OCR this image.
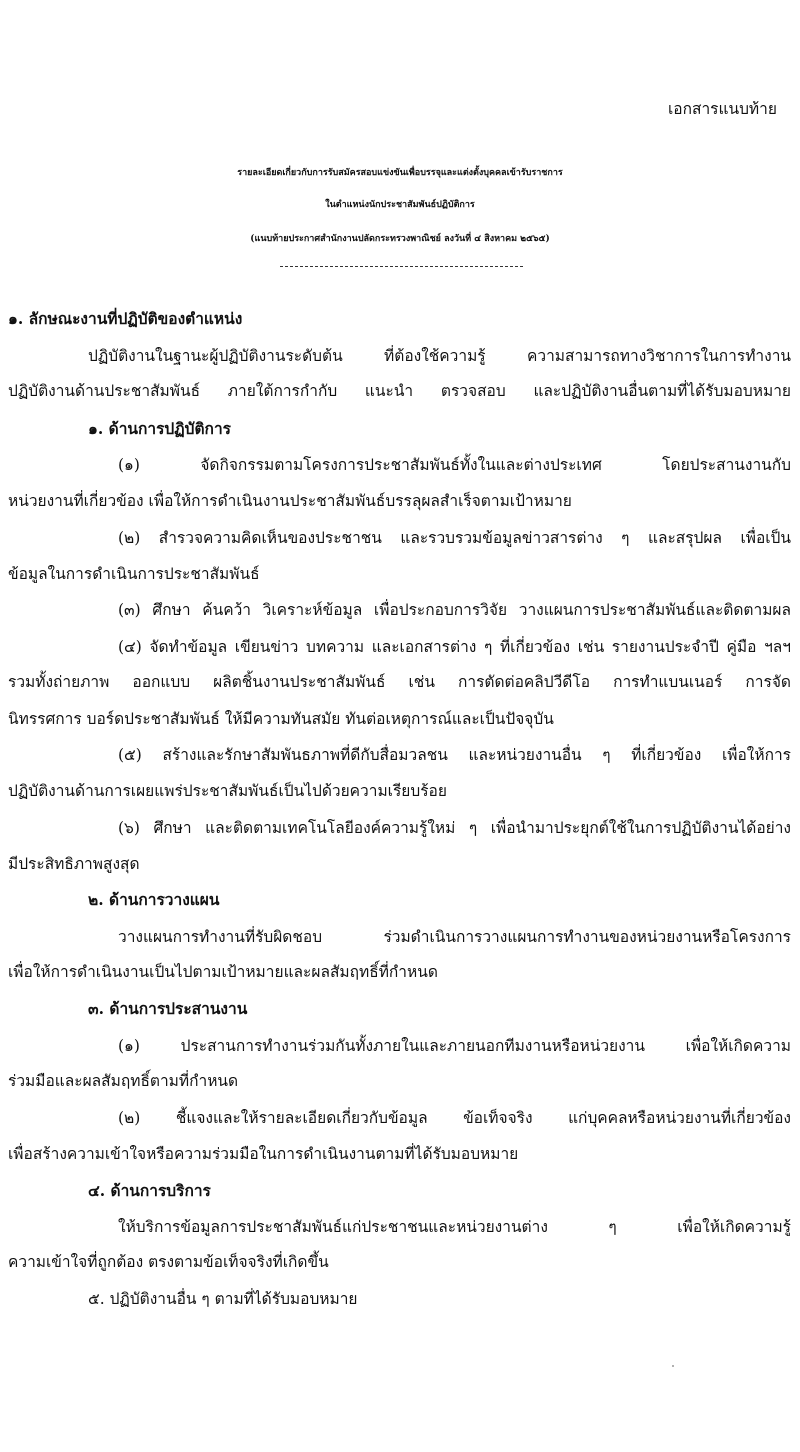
เอกสารแนบท้าย
รายละเอียดเกี่ยวกับการรับสมัครสอบแข่งขันเพื่อบรรจุและแต่งตั้งบุคคลเข้ารับราชการ
ในตำแหน่งนักประชาสัมพันธ์ปฏิบัติการ
(แนบท้ายประกาศสำนักงานปลัดกระทรวงพาณิชย์ ลงวันที่ ๔ สิงหาคม ๒๕๖๕)
๑. ลักษณะงานที่ปฏิบัติของตำแหน่ง
ปฏิบัติงานในฐานะผู้ปฏิบัติงานระดับต้น ที่ต้องใช้ความรู้ ความสามารถทางวิชาการในการทำงาน
ปฏิบัติงานด้านประชาสัมพันธ์ ภายใต้การกำกับ แนะนำ ตรวจสอบ และปฏิบัติงานอื่นตามที่ได้รับมอบหมาย
๑. ด้านการปฏิบัติการ
(๑) จัดกิจกรรมตามโครงการประชาสัมพันธ์ทั้งในและต่างประเทศ โดยประสานงานกับ
หน่วยงานที่เกี่ยวข้อง เพื่อให้การดำเนินงานประชาสัมพันธ์บรรลุผลสำเร็จตามเป้าหมาย
(๒) สำรวจความคิดเห็นของประชาชน และรวบรวมข้อมูลข่าวสารต่าง ๆ และสรุปผล เพื่อเป็น
ข้อมูลในการดำเนินการประชาสัมพันธ์
(๓) ศึกษา ค้นคว้า วิเคราะห์ข้อมูล เพื่อประกอบการวิจัย วางแผนการประชาสัมพันธ์และติดตามผล
(๔) จัดทำข้อมูล เขียนข่าว บทความ และเอกสารต่าง ๆ ที่เกี่ยวข้อง เช่น รายงานประจำปี คู่มือ ฯลฯ
รวมทั้งถ่ายภาพ ออกแบบ ผลิตชิ้นงานประชาสัมพันธ์ เช่น การตัดต่อคลิปวีดีโอ การทำแบนเนอร์ การจัด
นิทรรศการ บอร์ดประชาสัมพันธ์ ให้มีความทันสมัย ทันต่อเหตุการณ์และเป็นปัจจุบัน
(๕) สร้างและรักษาสัมพันธภาพที่ดีกับสื่อมวลชน และหน่วยงานอื่น ๆ ที่เกี่ยวข้อง เพื่อให้การ
ปฏิบัติงานด้านการเผยแพร่ประชาสัมพันธ์เป็นไปด้วยความเรียบร้อย
(๖) ศึกษา และติดตามเทคโนโลยีองค์ความรู้ใหม่ ๆ เพื่อนำมาประยุกต์ใช้ในการปฏิบัติงานได้อย่าง
มีประสิทธิภาพสูงสุด
๒. ด้านการวางแผน
วางแผนการทำงานที่รับผิดชอบ ร่วมดำเนินการวางแผนการทำงานของหน่วยงานหรือโครงการ
เพื่อให้การดำเนินงานเป็นไปตามเป้าหมายและผลสัมฤทธิ์ที่กำหนด
๓. ด้านการประสานงาน
(๑) ประสานการทำงานร่วมกันทั้งภายในและภายนอกทีมงานหรือหน่วยงาน เพื่อให้เกิดความ
ร่วมมือและผลสัมฤทธิ์ตามที่กำหนด
(๒) ชี้แจงและให้รายละเอียดเกี่ยวกับข้อมูล ข้อเท็จจริง แก่บุคคลหรือหน่วยงานที่เกี่ยวข้อง
เพื่อสร้างความเข้าใจหรือความร่วมมือในการดำเนินงานตามที่ได้รับมอบหมาย
๔. ด้านการบริการ
ให้บริการข้อมูลการประชาสัมพันธ์แก่ประชาชนและหน่วยงานต่าง ๆ เพื่อให้เกิดความรู้
ความเข้าใจที่ถูกต้อง ตรงตามข้อเท็จจริงที่เกิดขึ้น
๕. ปฏิบัติงานอื่น ๆ ตามที่ได้รับมอบหมาย
